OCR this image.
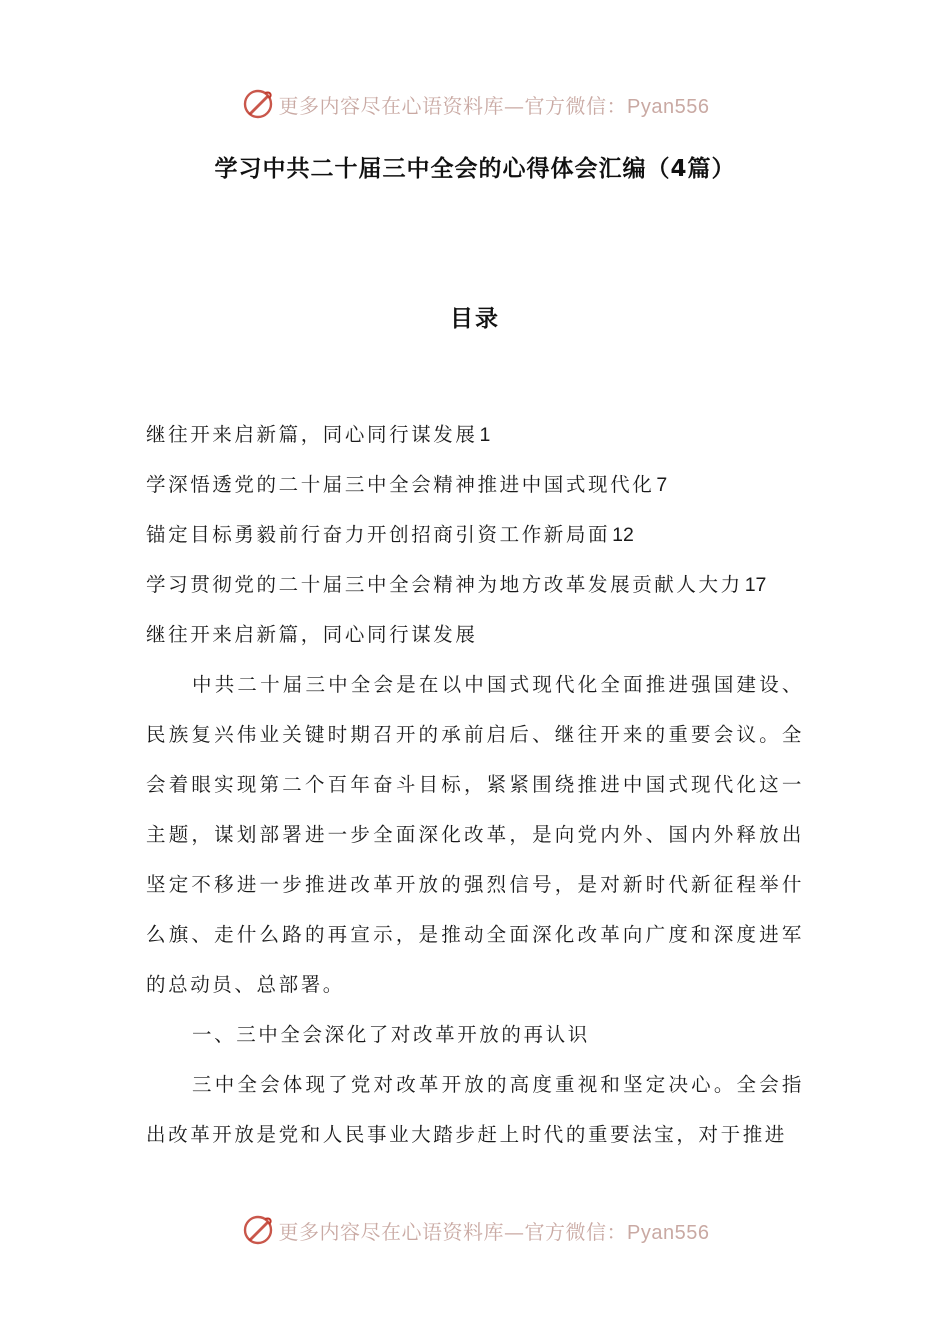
更多内容尽在心语资料库—官方微信：Pyan556
学习中共二十届三中全会的心得体会汇编（4篇）
目录
继往开来启新篇，同心同行谋发展 1
学深悟透党的二十届三中全会精神推进中国式现代化 7
锚定目标勇毅前行奋力开创招商引资工作新局面 12
学习贯彻党的二十届三中全会精神为地方改革发展贡献人大力 17
继往开来启新篇，同心同行谋发展

中共二十届三中全会是在以中国式现代化全面推进强国建设、民族复兴伟业关键时期召开的承前启后、继往开来的重要会议。全会着眼实现第二个百年奋斗目标，紧紧围绕推进中国式现代化这一主题，谋划部署进一步全面深化改革，是向党内外、国内外释放出坚定不移进一步推进改革开放的强烈信号，是对新时代新征程举什么旗、走什么路的再宣示，是推动全面深化改革向广度和深度进军的总动员、总部署。

一、三中全会深化了对改革开放的再认识

三中全会体现了党对改革开放的高度重视和坚定决心。全会指出改革开放是党和人民事业大踏步赶上时代的重要法宝，对于推进

更多内容尽在心语资料库—官方微信：Pyan556
